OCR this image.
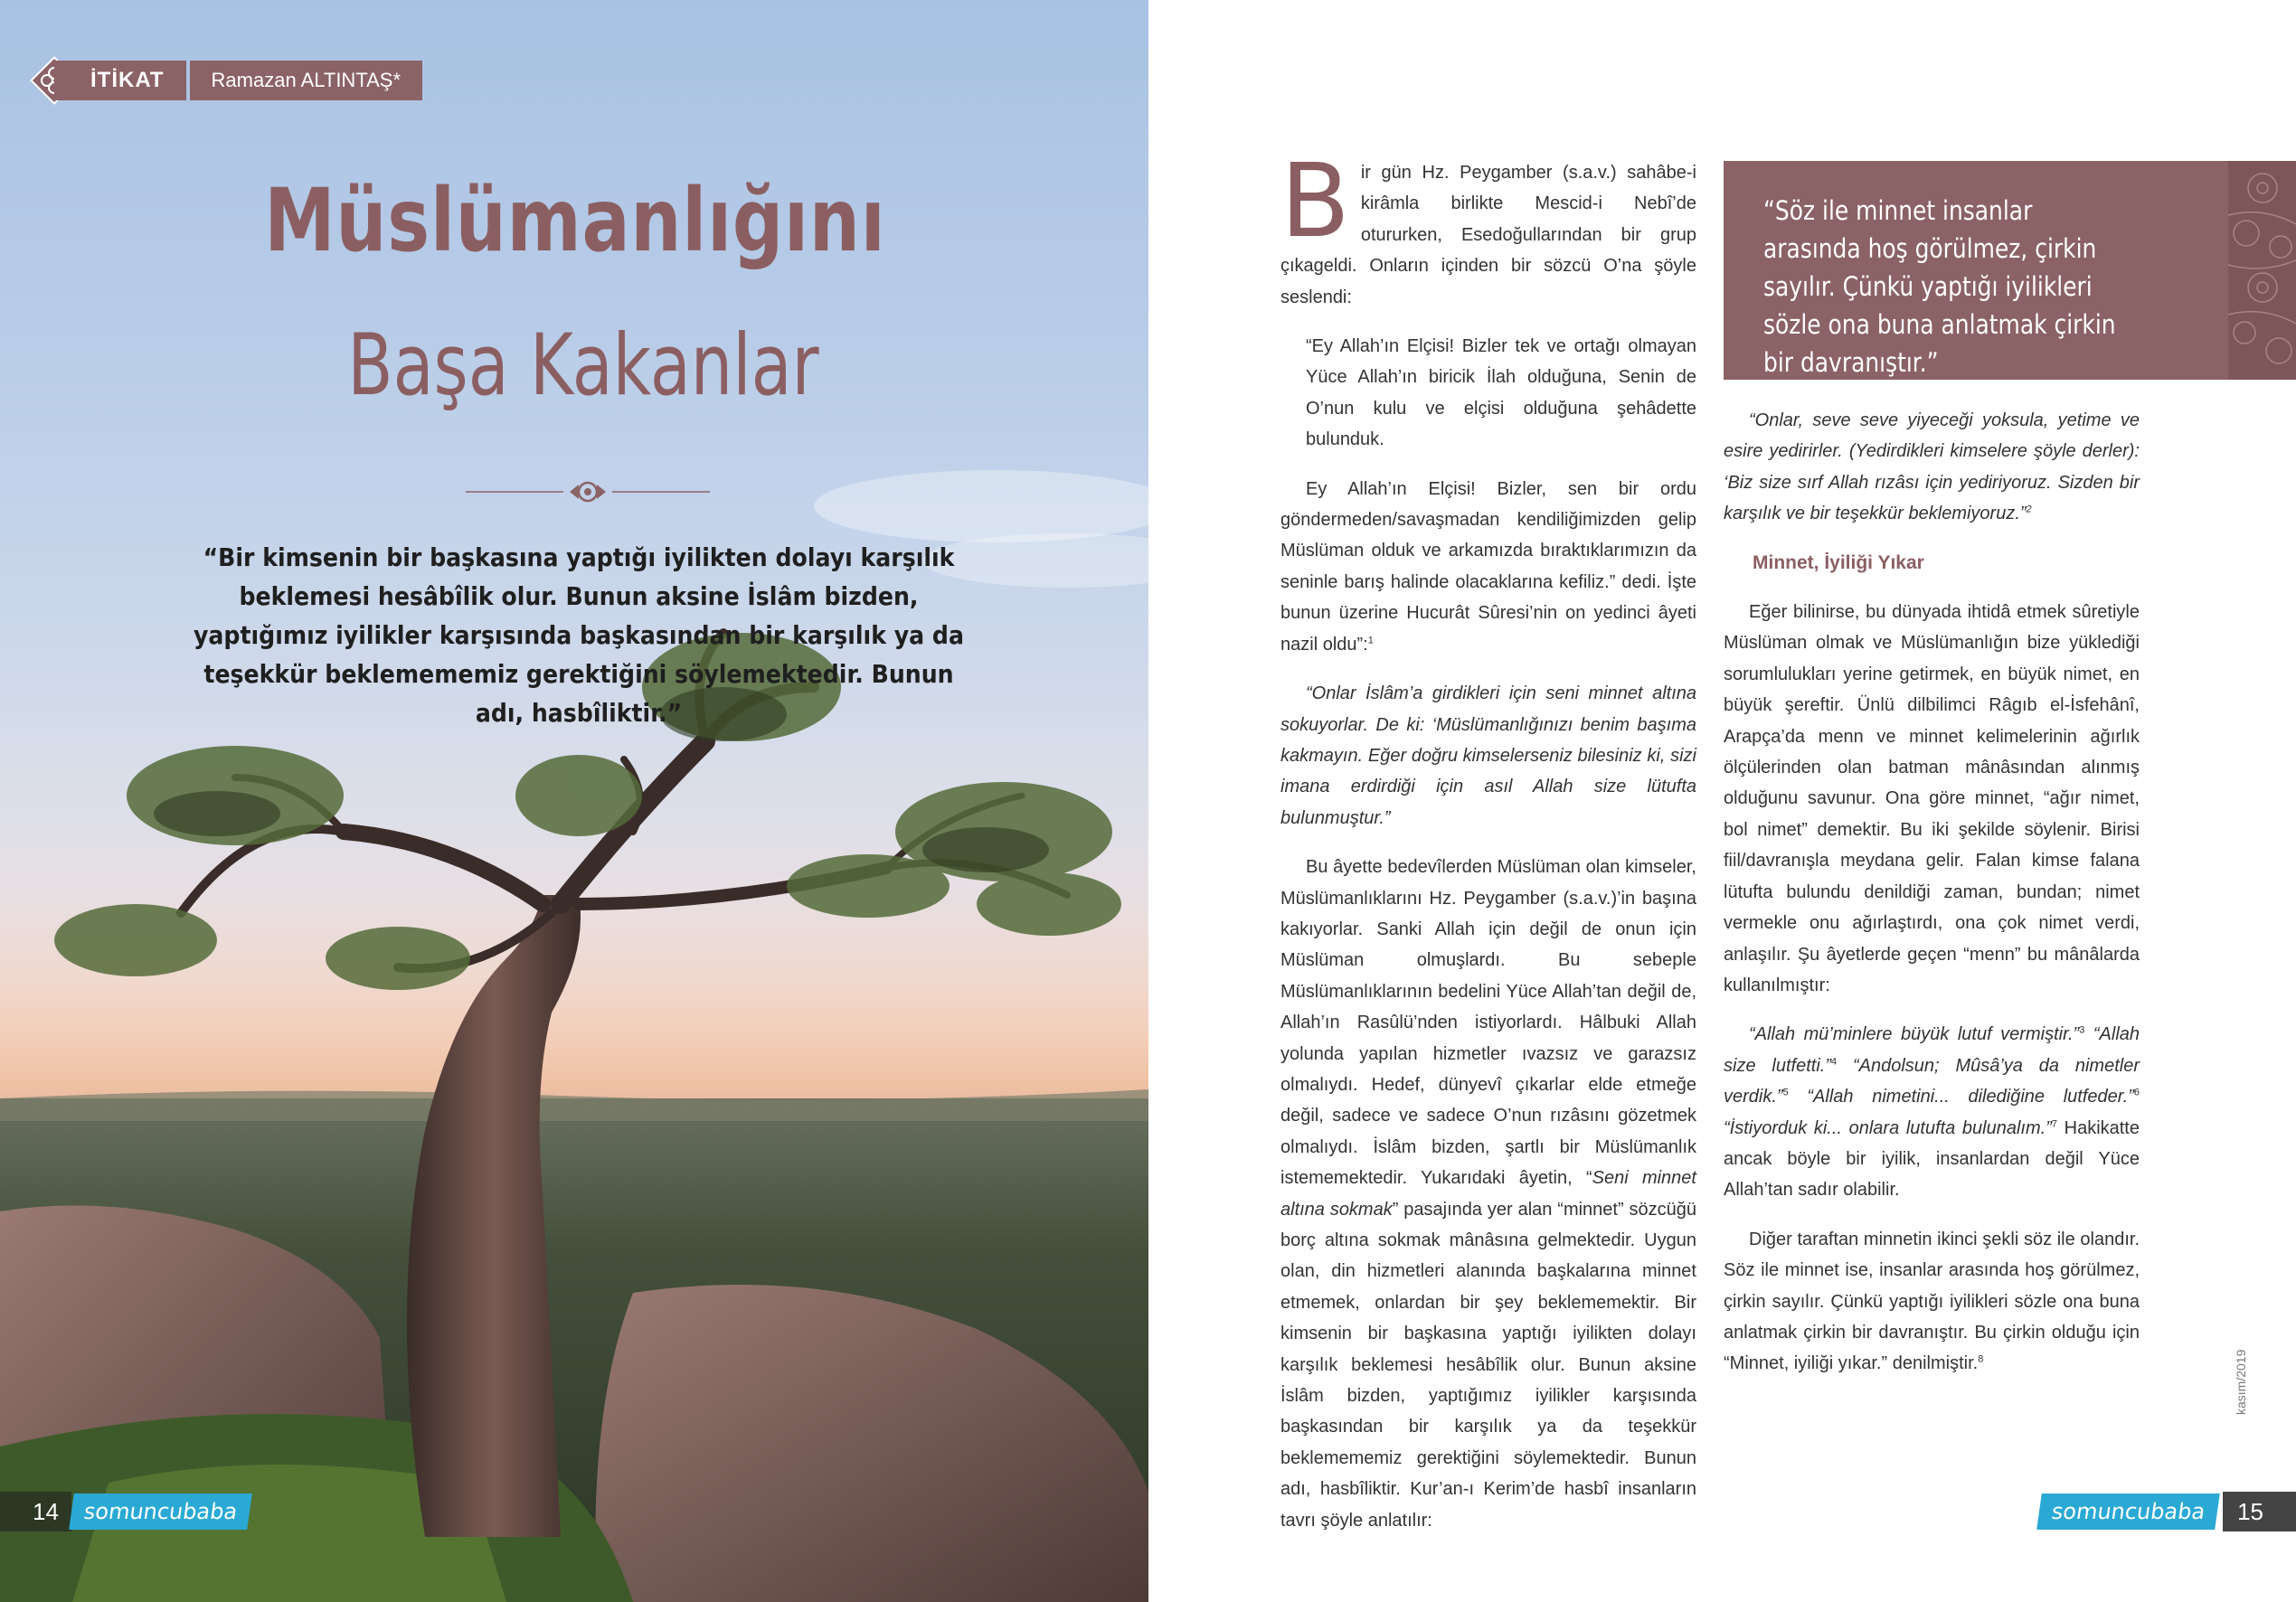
İTİKAT	Ramazan ALTINTAŞ*
Müslümanlığını
Başa Kakanlar
“Bir kimsenin bir başkasına yaptığı iyilikten dolayı karşılık beklemesi hesâbîlik olur. Bunun aksine İslâm bizden, yaptığımız iyilikler karşısında başkasından bir karşılık ya da teşekkür beklemememiz gerektiğini söylemektedir. Bunun adı, hasbîliktir.”
14	somuncubaba

Bir gün Hz. Peygamber (s.a.v.) sahâbe-i kirâmla birlikte Mescid-i Nebî’de otururken, Esedoğullarından bir grup çıkageldi. Onların içinden bir sözcü O’na şöyle seslendi:

“Ey Allah’ın Elçisi! Bizler tek ve ortağı olmayan Yüce Allah’ın biricik İlah olduğuna, Senin de O’nun kulu ve elçisi olduğuna şehâdette bulunduk.

Ey Allah’ın Elçisi! Bizler, sen bir ordu göndermeden/savaşmadan kendiliğimizden gelip Müslüman olduk ve arkamızda bıraktıklarımızın da seninle barış halinde olacaklarına kefiliz.” dedi. İşte bunun üzerine Hucurât Sûresi’nin on yedinci âyeti nazil oldu”:$^1$

“Onlar İslâm’a girdikleri için seni minnet altına sokuyorlar. De ki: ‘Müslümanlığınızı benim başıma kakmayın. Eğer doğru kimselerseniz bilesiniz ki, sizi imana erdirdiği için asıl Allah size lütufta bulunmuştur.”

Bu âyette bedevîlerden Müslüman olan kimseler, Müslümanlıklarını Hz. Peygamber (s.a.v.)’in başına kakıyorlar. Sanki Allah için değil de onun için Müslüman olmuşlardı. Bu sebeple Müslümanlıklarının bedelini Yüce Allah’tan değil de, Allah’ın Rasûlü’nden istiyorlardı. Hâlbuki Allah yolunda yapılan hizmetler ıvazsız ve garazsız olmalıydı. Hedef, dünyevî çıkarlar elde etmeğe değil, sadece ve sadece O’nun rızâsını gözetmek olmalıydı. İslâm bizden, şartlı bir Müslümanlık istememektedir. Yukarıdaki âyetin, “Seni minnet altına sokmak” pasajında yer alan “minnet” sözcüğü borç altına sokmak mânâsına gelmektedir. Uygun olan, din hizmetleri alanında başkalarına minnet etmemek, onlardan bir şey beklememektir. Bir kimsenin bir başkasına yaptığı iyilikten dolayı karşılık beklemesi hesâbîlik olur. Bunun aksine İslâm bizden, yaptığımız iyilikler karşısında başkasından bir karşılık ya da teşekkür beklemememiz gerektiğini söylemektedir. Bunun adı, hasbîliktir. Kur’an-ı Kerim’de hasbî insanların tavrı şöyle anlatılır:

“Söz ile minnet insanlar arasında hoş görülmez, çirkin sayılır. Çünkü yaptığı iyilikleri sözle ona buna anlatmak çirkin bir davranıştır.”

“Onlar, seve seve yiyeceği yoksula, yetime ve esire yedirirler. (Yedirdikleri kimselere şöyle derler): ‘Biz size sırf Allah rızâsı için yediriyoruz. Sizden bir karşılık ve bir teşekkür beklemiyoruz.”$^2$

Minnet, İyiliği Yıkar

Eğer bilinirse, bu dünyada ihtidâ etmek sûretiyle Müslüman olmak ve Müslümanlığın bize yüklediği sorumlulukları yerine getirmek, en büyük nimet, en büyük şereftir. Ünlü dilbilimci Râgıb el-İsfehânî, Arapça’da menn ve minnet kelimelerinin ağırlık ölçülerinden olan batman mânâsından alınmış olduğunu savunur. Ona göre minnet, “ağır nimet, bol nimet” demektir. Bu iki şekilde söylenir. Birisi fiil/davranışla meydana gelir. Falan kimse falana lütufta bulundu denildiği zaman, bundan; nimet vermekle onu ağırlaştırdı, ona çok nimet verdi, anlaşılır. Şu âyetlerde geçen “menn” bu mânâlarda kullanılmıştır:

“Allah mü’minlere büyük lutuf vermiştir.”$^3$ “Allah size lutfetti.”$^4$ “Andolsun; Mûsâ’ya da nimetler verdik.”$^5$ “Allah nimetini... dilediğine lutfeder.”$^6$ “İstiyorduk ki... onlara lutufta bulunalım.”$^7$ Hakikatte ancak böyle bir iyilik, insanlardan değil Yüce Allah’tan sadır olabilir.

Diğer taraftan minnetin ikinci şekli söz ile olandır. Söz ile minnet ise, insanlar arasında hoş görülmez, çirkin sayılır. Çünkü yaptığı iyilikleri sözle ona buna anlatmak çirkin bir davranıştır. Bu çirkin olduğu için “Minnet, iyiliği yıkar.” denilmiştir.$^8$	kasım/2019
somuncubaba	15
